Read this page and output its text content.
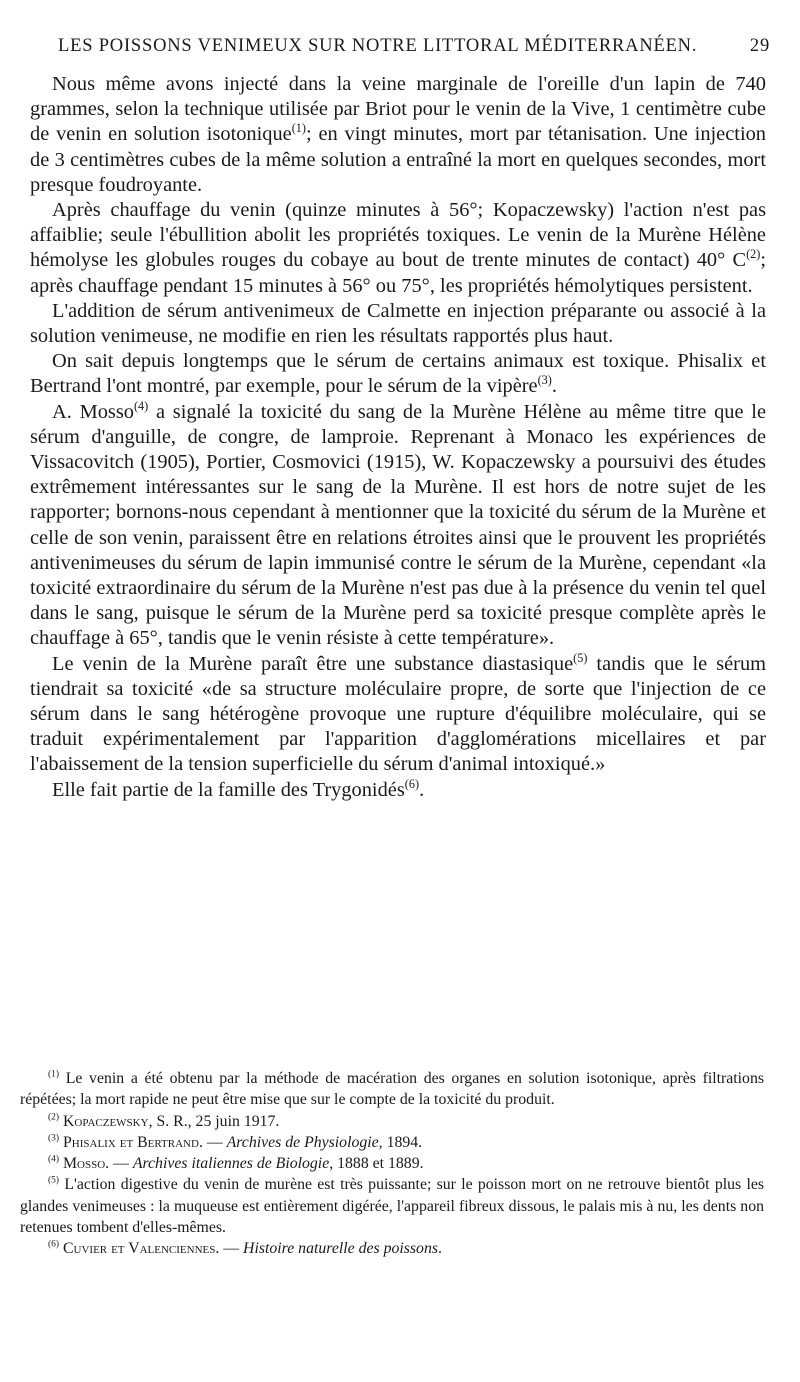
LES POISSONS VENIMEUX SUR NOTRE LITTORAL MÉDITERRANÉEN.	29

Nous même avons injecté dans la veine marginale de l'oreille d'un lapin de 740 grammes, selon la technique utilisée par Briot pour le venin de la Vive, 1 centimètre cube de venin en solution isotonique$^{(1)}$; en vingt minutes, mort par tétanisation. Une injection de 3 centimètres cubes de la même solution a entraîné la mort en quelques secondes, mort presque foudroyante.

Après chauffage du venin (quinze minutes à 56°; Kopaczewsky) l'action n'est pas affaiblie; seule l'ébullition abolit les propriétés toxiques. Le venin de la Murène Hélène hémolyse les globules rouges du cobaye au bout de trente minutes de contact) 40° $C^{(2)}$; après chauffage pendant 15 minutes à 56° ou 75°, les propriétés hémolytiques persistent.

L'addition de sérum antivenimeux de Calmette en injection préparante ou associé à la solution venimeuse, ne modifie en rien les résultats rapportés plus haut.

On sait depuis longtemps que le sérum de certains animaux est toxique. Phisalix et Bertrand l'ont montré, par exemple, pour le sérum de la vipère$^{(3)}$.

A. Mosso$^{(4)}$ a signalé la toxicité du sang de la Murène Hélène au même titre que le sérum d'anguille, de congre, de lamproie. Reprenant à Monaco les expériences de Vissacovitch (1905), Portier, Cosmovici (1915), W. Kopaczewsky a poursuivi des études extrêmement intéressantes sur le sang de la Murène. Il est hors de notre sujet de les rapporter; bornons-nous cependant à mentionner que la toxicité du sérum de la Murène et celle de son venin, paraissent être en relations étroites ainsi que le prouvent les propriétés antivenimeuses du sérum de lapin immunisé contre le sérum de la Murène, cependant «la toxicité extraordinaire du sérum de la Murène n'est pas due à la présence du venin tel quel dans le sang, puisque le sérum de la Murène perd sa toxicité presque complète après le chauffage à 65°, tandis que le venin résiste à cette température».

Le venin de la Murène paraît être une substance diastasique$^{(5)}$ tandis que le sérum tiendrait sa toxicité «de sa structure moléculaire propre, de sorte que l'injection de ce sérum dans le sang hétérogène provoque une rupture d'équilibre moléculaire, qui se traduit expérimentalement par l'apparition d'agglomérations micellaires et par l'abaissement de la tension superficielle du sérum d'animal intoxiqué.»

Elle fait partie de la famille des Trygonidés$^{(6)}$.

$^{(1)}$ Le venin a été obtenu par la méthode de macération des organes en solution isotonique, après filtrations répétées; la mort rapide ne peut être mise que sur le compte de la toxicité du produit.

$^{(2)}$ Kopaczewsky, S. R., 25 juin 1917.

$^{(3)}$ Phisalix et Bertrand. — Archives de Physiologie, 1894.

$^{(4)}$ Mosso. — Archives italiennes de Biologie, 1888 et 1889.

$^{(5)}$ L'action digestive du venin de murène est très puissante; sur le poisson mort on ne retrouve bientôt plus les glandes venimeuses : la muqueuse est entièrement digérée, l'appareil fibreux dissous, le palais mis à nu, les dents non retenues tombent d'elles-mêmes.

$^{(6)}$ Cuvier et Valenciennes. — Histoire naturelle des poissons.
